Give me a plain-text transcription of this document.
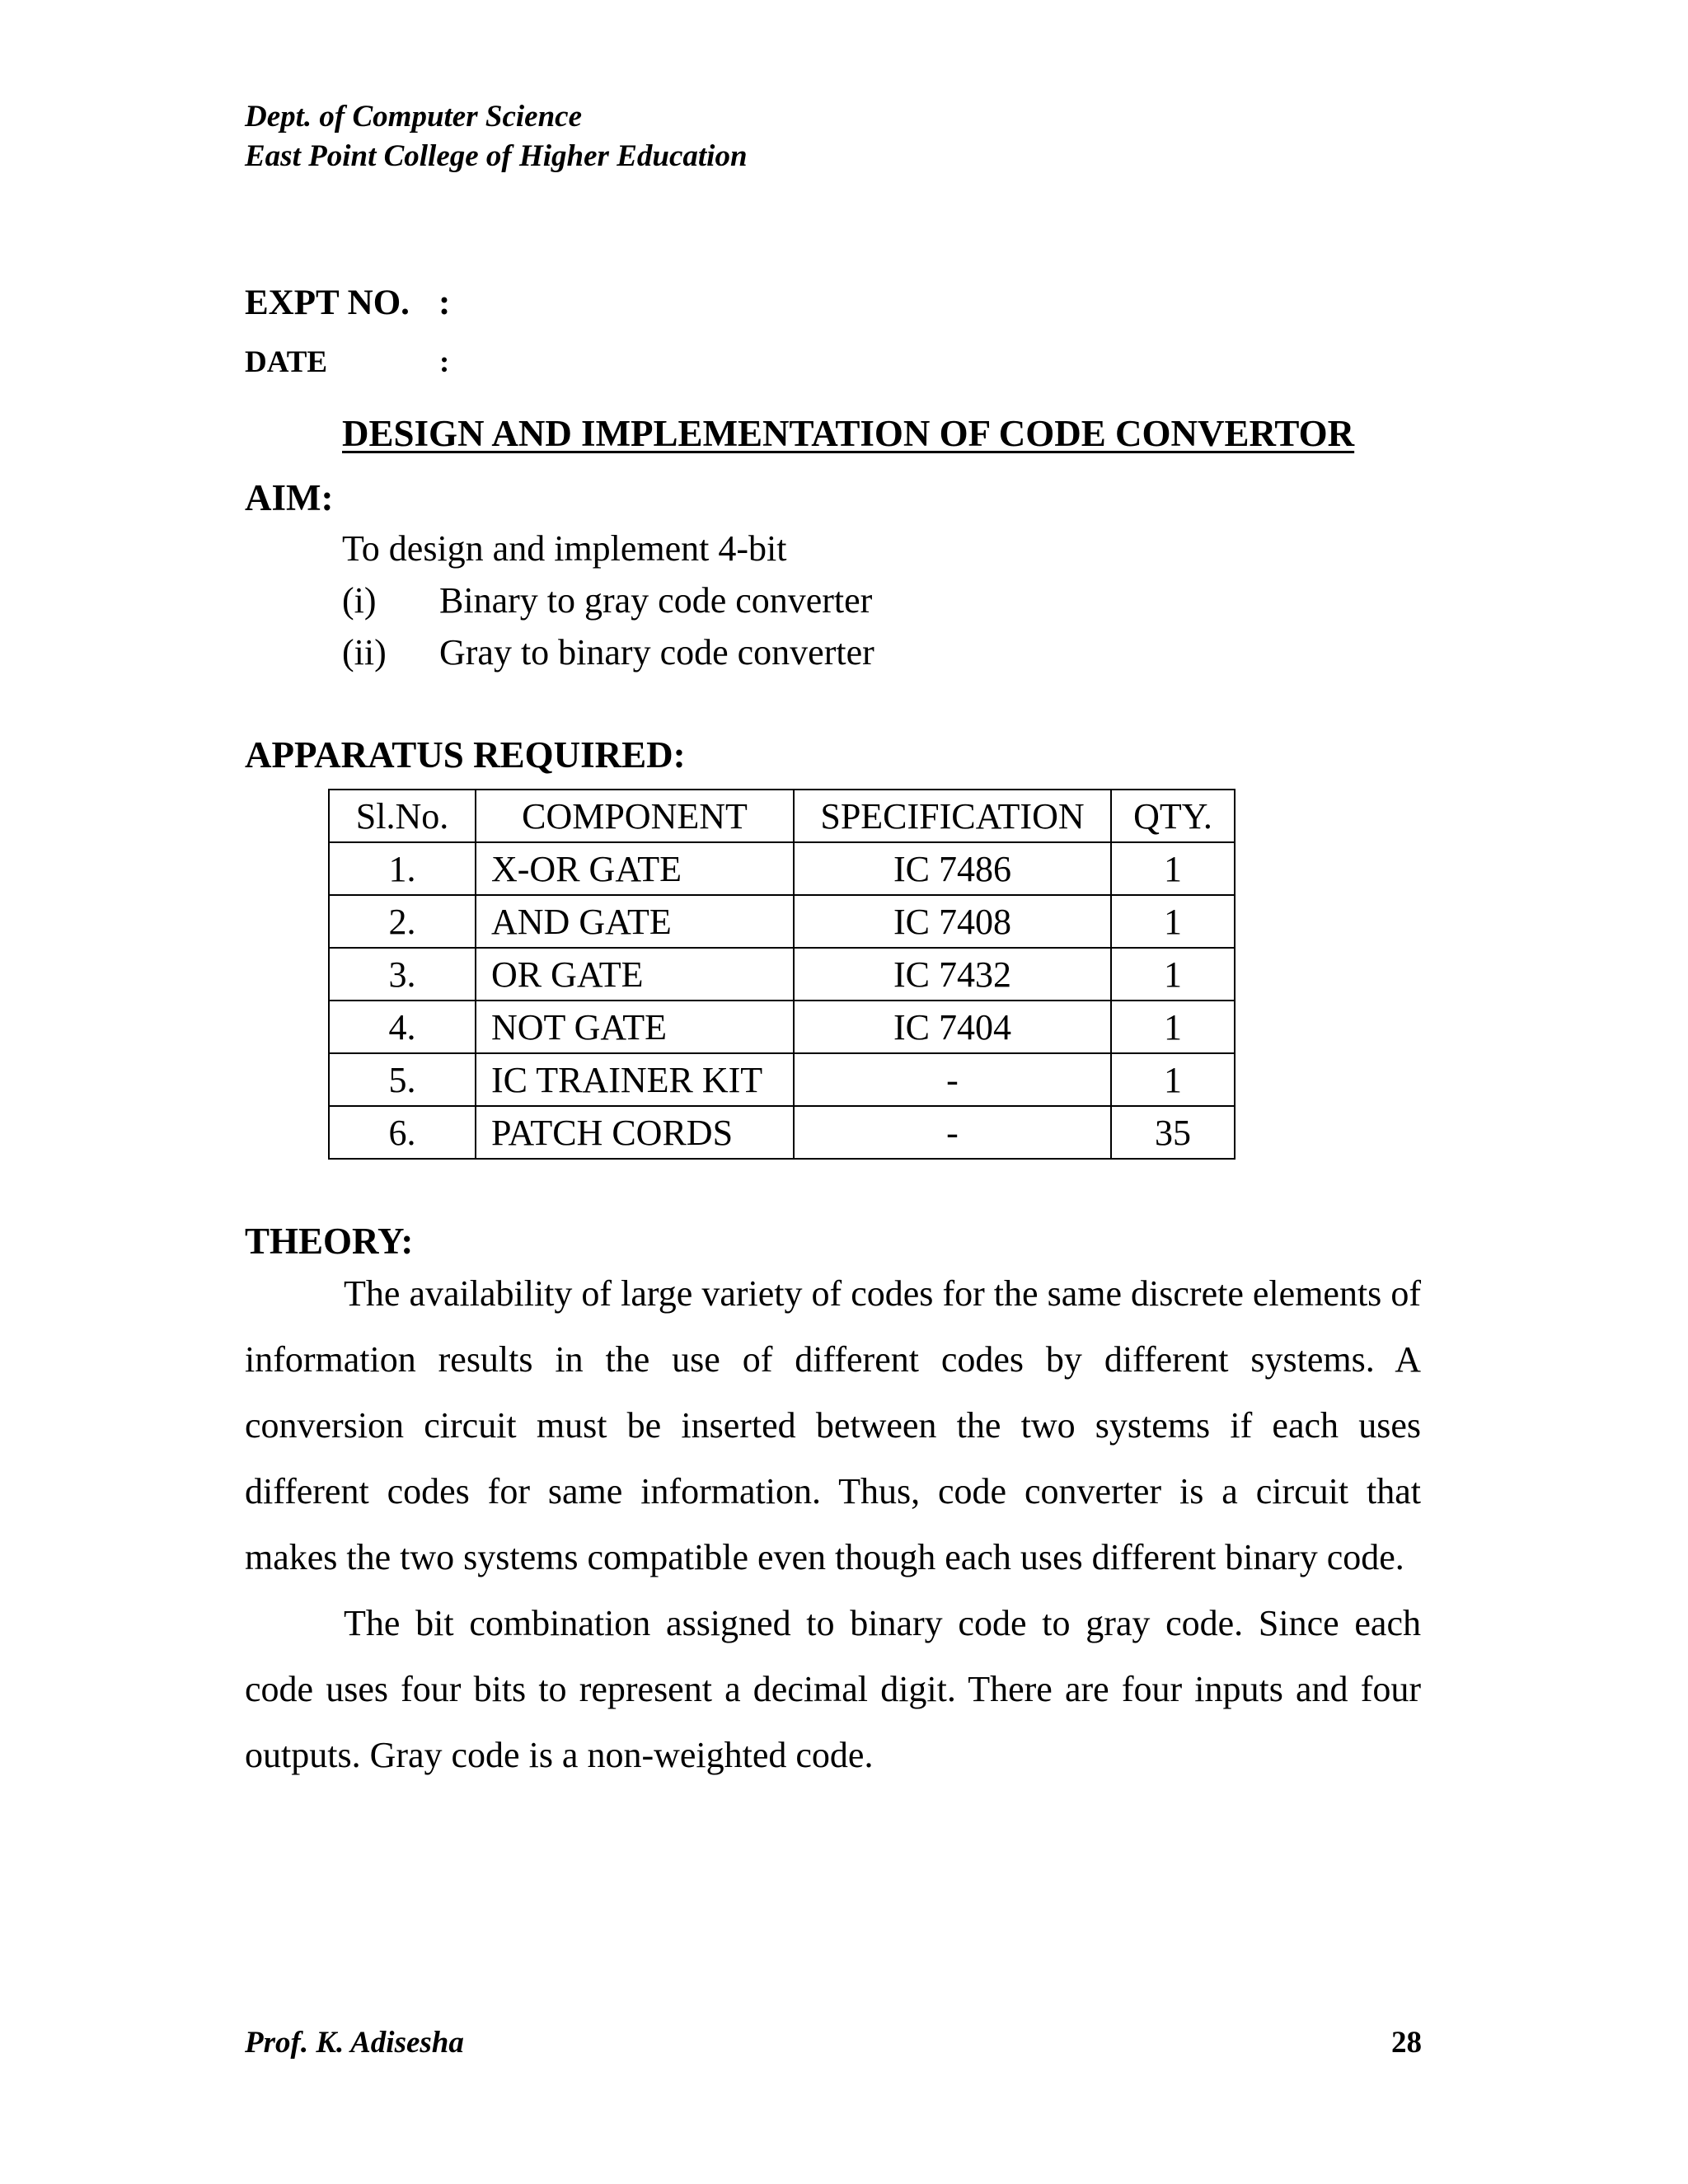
Dept. of Computer Science
East Point College of Higher Education
EXPT NO. :
DATE	:
DESIGN AND IMPLEMENTATION OF CODE CONVERTOR
AIM:
To design and implement 4-bit
(i) Binary to gray code converter
(ii) Gray to binary code converter
APPARATUS REQUIRED:
Sl.No.	COMPONENT	SPECIFICATION	QTY.
1.	X-OR GATE	IC 7486	1
2.	AND GATE	IC 7408	1
3.	OR GATE	IC 7432	1
4.	NOT GATE	IC 7404	1
5.	IC TRAINER KIT	-	1
6.	PATCH CORDS	-	35
THEORY:

The availability of large variety of codes for the same discrete elements of information results in the use of different codes by different systems. A conversion circuit must be inserted between the two systems if each uses different codes for same information. Thus, code converter is a circuit that makes the two systems compatible even though each uses different binary code.

The bit combination assigned to binary code to gray code. Since each code uses four bits to represent a decimal digit. There are four inputs and four outputs. Gray code is a non-weighted code.

Prof. K. Adisesha	28
